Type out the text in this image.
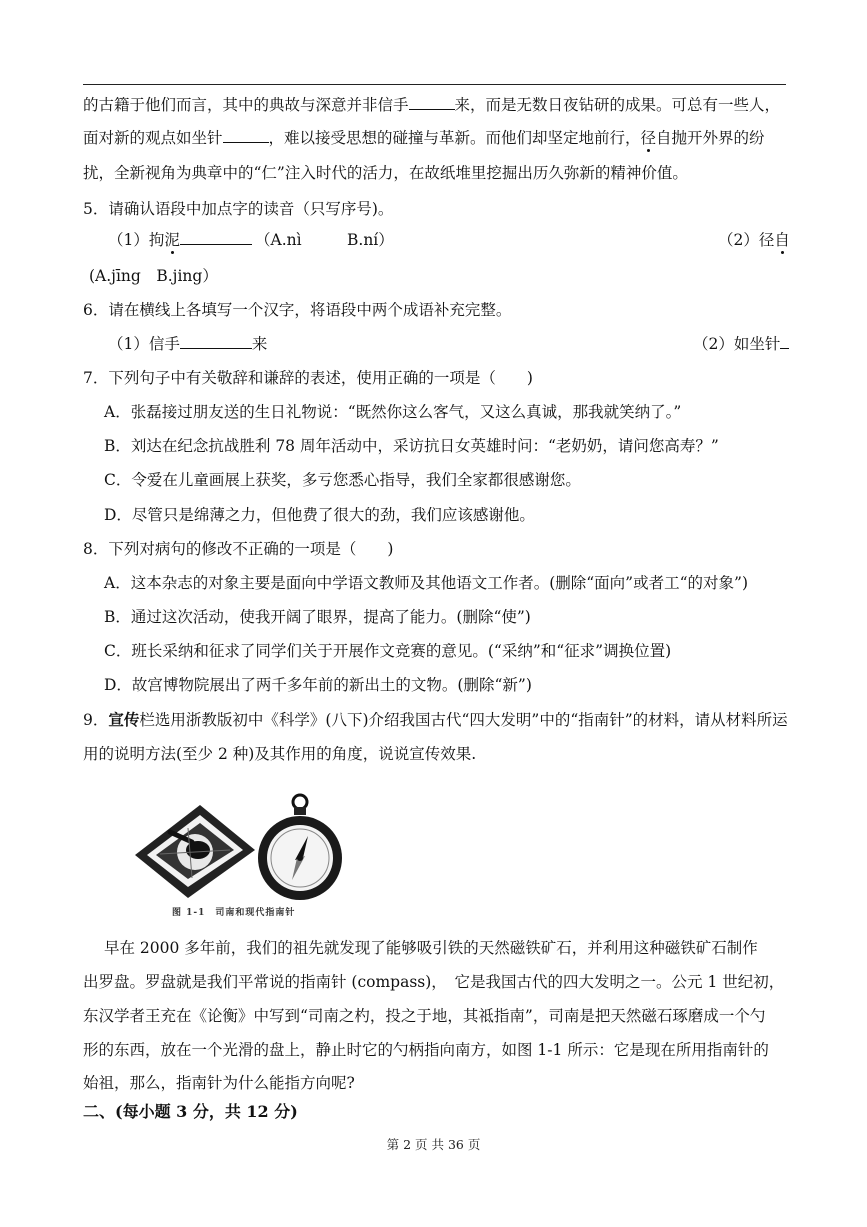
的古籍于他们而言，其中的典故与深意并非信手	来，而是无数日夜钻研的成果。可总有一些人，
面对新的观点如坐针	，难以接受思想的碰撞与革新。而他们却坚定地前行，径自抛开外界的纷
扰，全新视角为典章中的“仁”注入时代的活力，在故纸堆里挖掘出历久弥新的精神价值。
5．请确认语段中加点字的读音（只写序号)。
（1）拘泥	（A.nì	B.ní）	（2）径自
(A.jīng　B.jing）
6．请在横线上各填写一个汉字，将语段中两个成语补充完整。
（1）信手	来	（2）如坐针
7．下列句子中有关敬辞和谦辞的表述，使用正确的一项是（　　)
A．张磊接过朋友送的生日礼物说：“既然你这么客气，又这么真诚，那我就笑纳了。”
B．刘达在纪念抗战胜利 78 周年活动中，采访抗日女英雄时问：“老奶奶，请问您高寿？”
C．令爱在儿童画展上获奖，多亏您悉心指导，我们全家都很感谢您。
D．尽管只是绵薄之力，但他费了很大的劲，我们应该感谢他。
8．下列对病句的修改不正确的一项是（　　)
A．这本杂志的对象主要是面向中学语文教师及其他语文工作者。(删除“面向”或者工“的对象”)
B．通过这次活动，使我开阔了眼界，提高了能力。(删除“使”)
C．班长采纳和征求了同学们关于开展作文竞赛的意见。(“采纳”和“征求”调换位置)
D．故宫博物院展出了两千多年前的新出土的文物。(删除“新”)
9．宣传栏选用浙教版初中《科学》(八下)介绍我国古代“四大发明”中的“指南针”的材料，请从材料所运
用的说明方法(至少 2 种)及其作用的角度，说说宣传效果.
图 1-1　司南和现代指南针
早在 2000 多年前，我们的祖先就发现了能够吸引铁的天然磁铁矿石，并利用这种磁铁矿石制作
出罗盘。罗盘就是我们平常说的指南针 (compass)，　它是我国古代的四大发明之一。公元 1 世纪初，
东汉学者王充在《论衡》中写到“司南之杓，投之于地，其祗指南”，司南是把天然磁石琢磨成一个勺
形的东西，放在一个光滑的盘上，静止时它的勺柄指向南方，如图 1-1 所示：它是现在所用指南针的
始祖，那么，指南针为什么能指方向呢?
二、(每小题 3 分，共 12 分)
第 2 页 共 36 页
